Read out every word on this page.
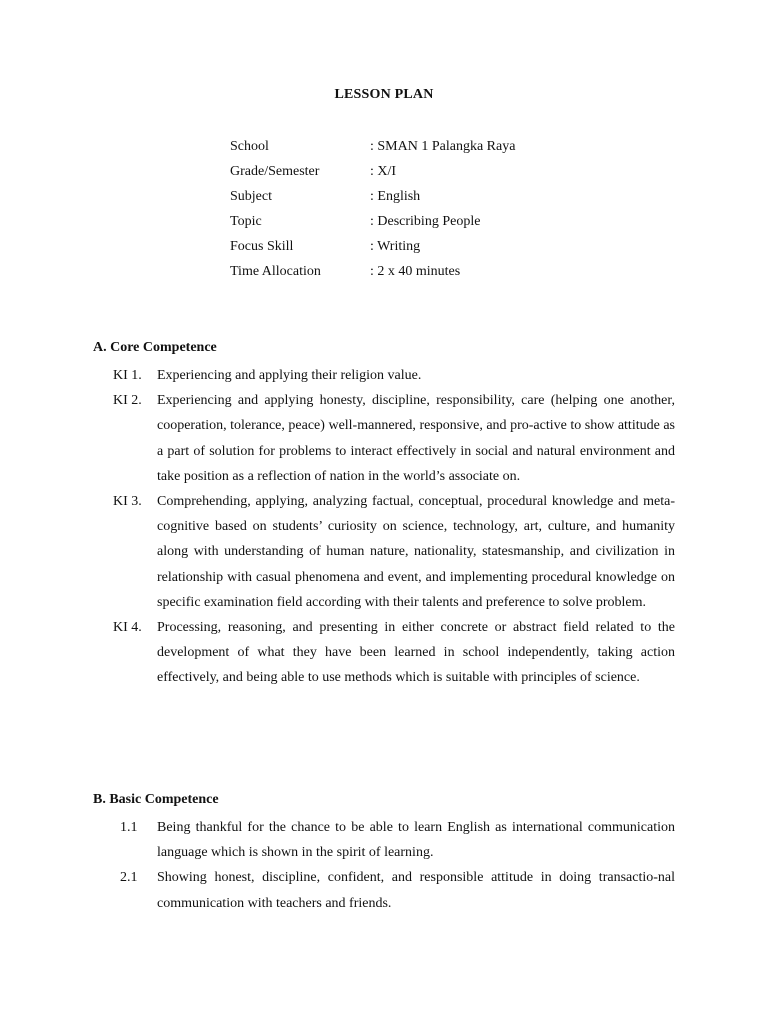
LESSON PLAN
School	: SMAN 1 Palangka Raya
Grade/Semester	: X/I
Subject	: English
Topic	: Describing People
Focus Skill	: Writing
Time Allocation	: 2 x 40 minutes
A. Core Competence
KI 1. Experiencing and applying their religion value.
KI 2. Experiencing and applying honesty, discipline, responsibility, care (helping one another, cooperation, tolerance, peace) well-mannered, responsive, and pro-active to show attitude as a part of solution for problems to interact effectively in social and natural environment and take position as a reflection of nation in the world’s associate on.
KI 3. Comprehending, applying, analyzing factual, conceptual, procedural knowledge and meta-cognitive based on students’ curiosity on science, technology, art, culture, and humanity along with understanding of human nature, nationality, statesmanship, and civilization in relationship with casual phenomena and event, and implementing procedural knowledge on specific examination field according with their talents and preference to solve problem.
KI 4. Processing, reasoning, and presenting in either concrete or abstract field related to the development of what they have been learned in school independently, taking action effectively, and being able to use methods which is suitable with principles of science.
B. Basic Competence
1.1 Being thankful for the chance to be able to learn English as international communication language which is shown in the spirit of learning.
2.1 Showing honest, discipline, confident, and responsible attitude in doing transactio-nal communication with teachers and friends.
